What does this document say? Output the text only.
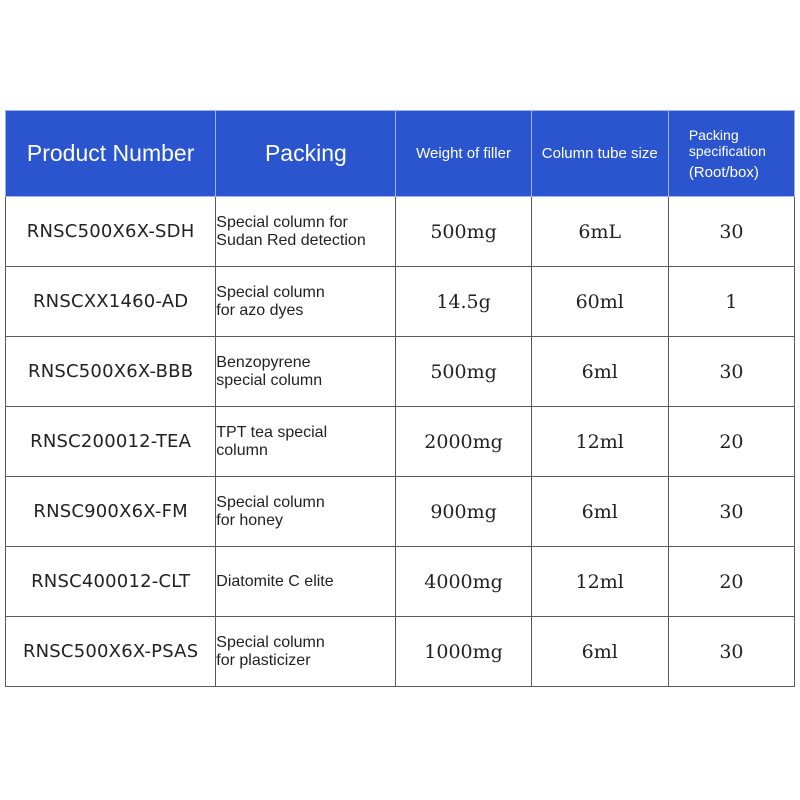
Product Number	Packing	Weight of filler	Column tube size	Packing
specification
(Root/box)

RNSC500X6X-SDH	Special column for
Sudan Red detection	500mg	6mL	30
RNSCXX1460-AD	Special column
for azo dyes	14.5g	60ml	1
RNSC500X6X-BBB	Benzopyrene
special column	500mg	6ml	30
RNSC200012-TEA	TPT tea special
column	2000mg	12ml	20
RNSC900X6X-FM	Special column
for honey	900mg	6ml	30
RNSC400012-CLT	Diatomite C elite	4000mg	12ml	20
RNSC500X6X-PSAS	Special column
for plasticizer	1000mg	6ml	30
